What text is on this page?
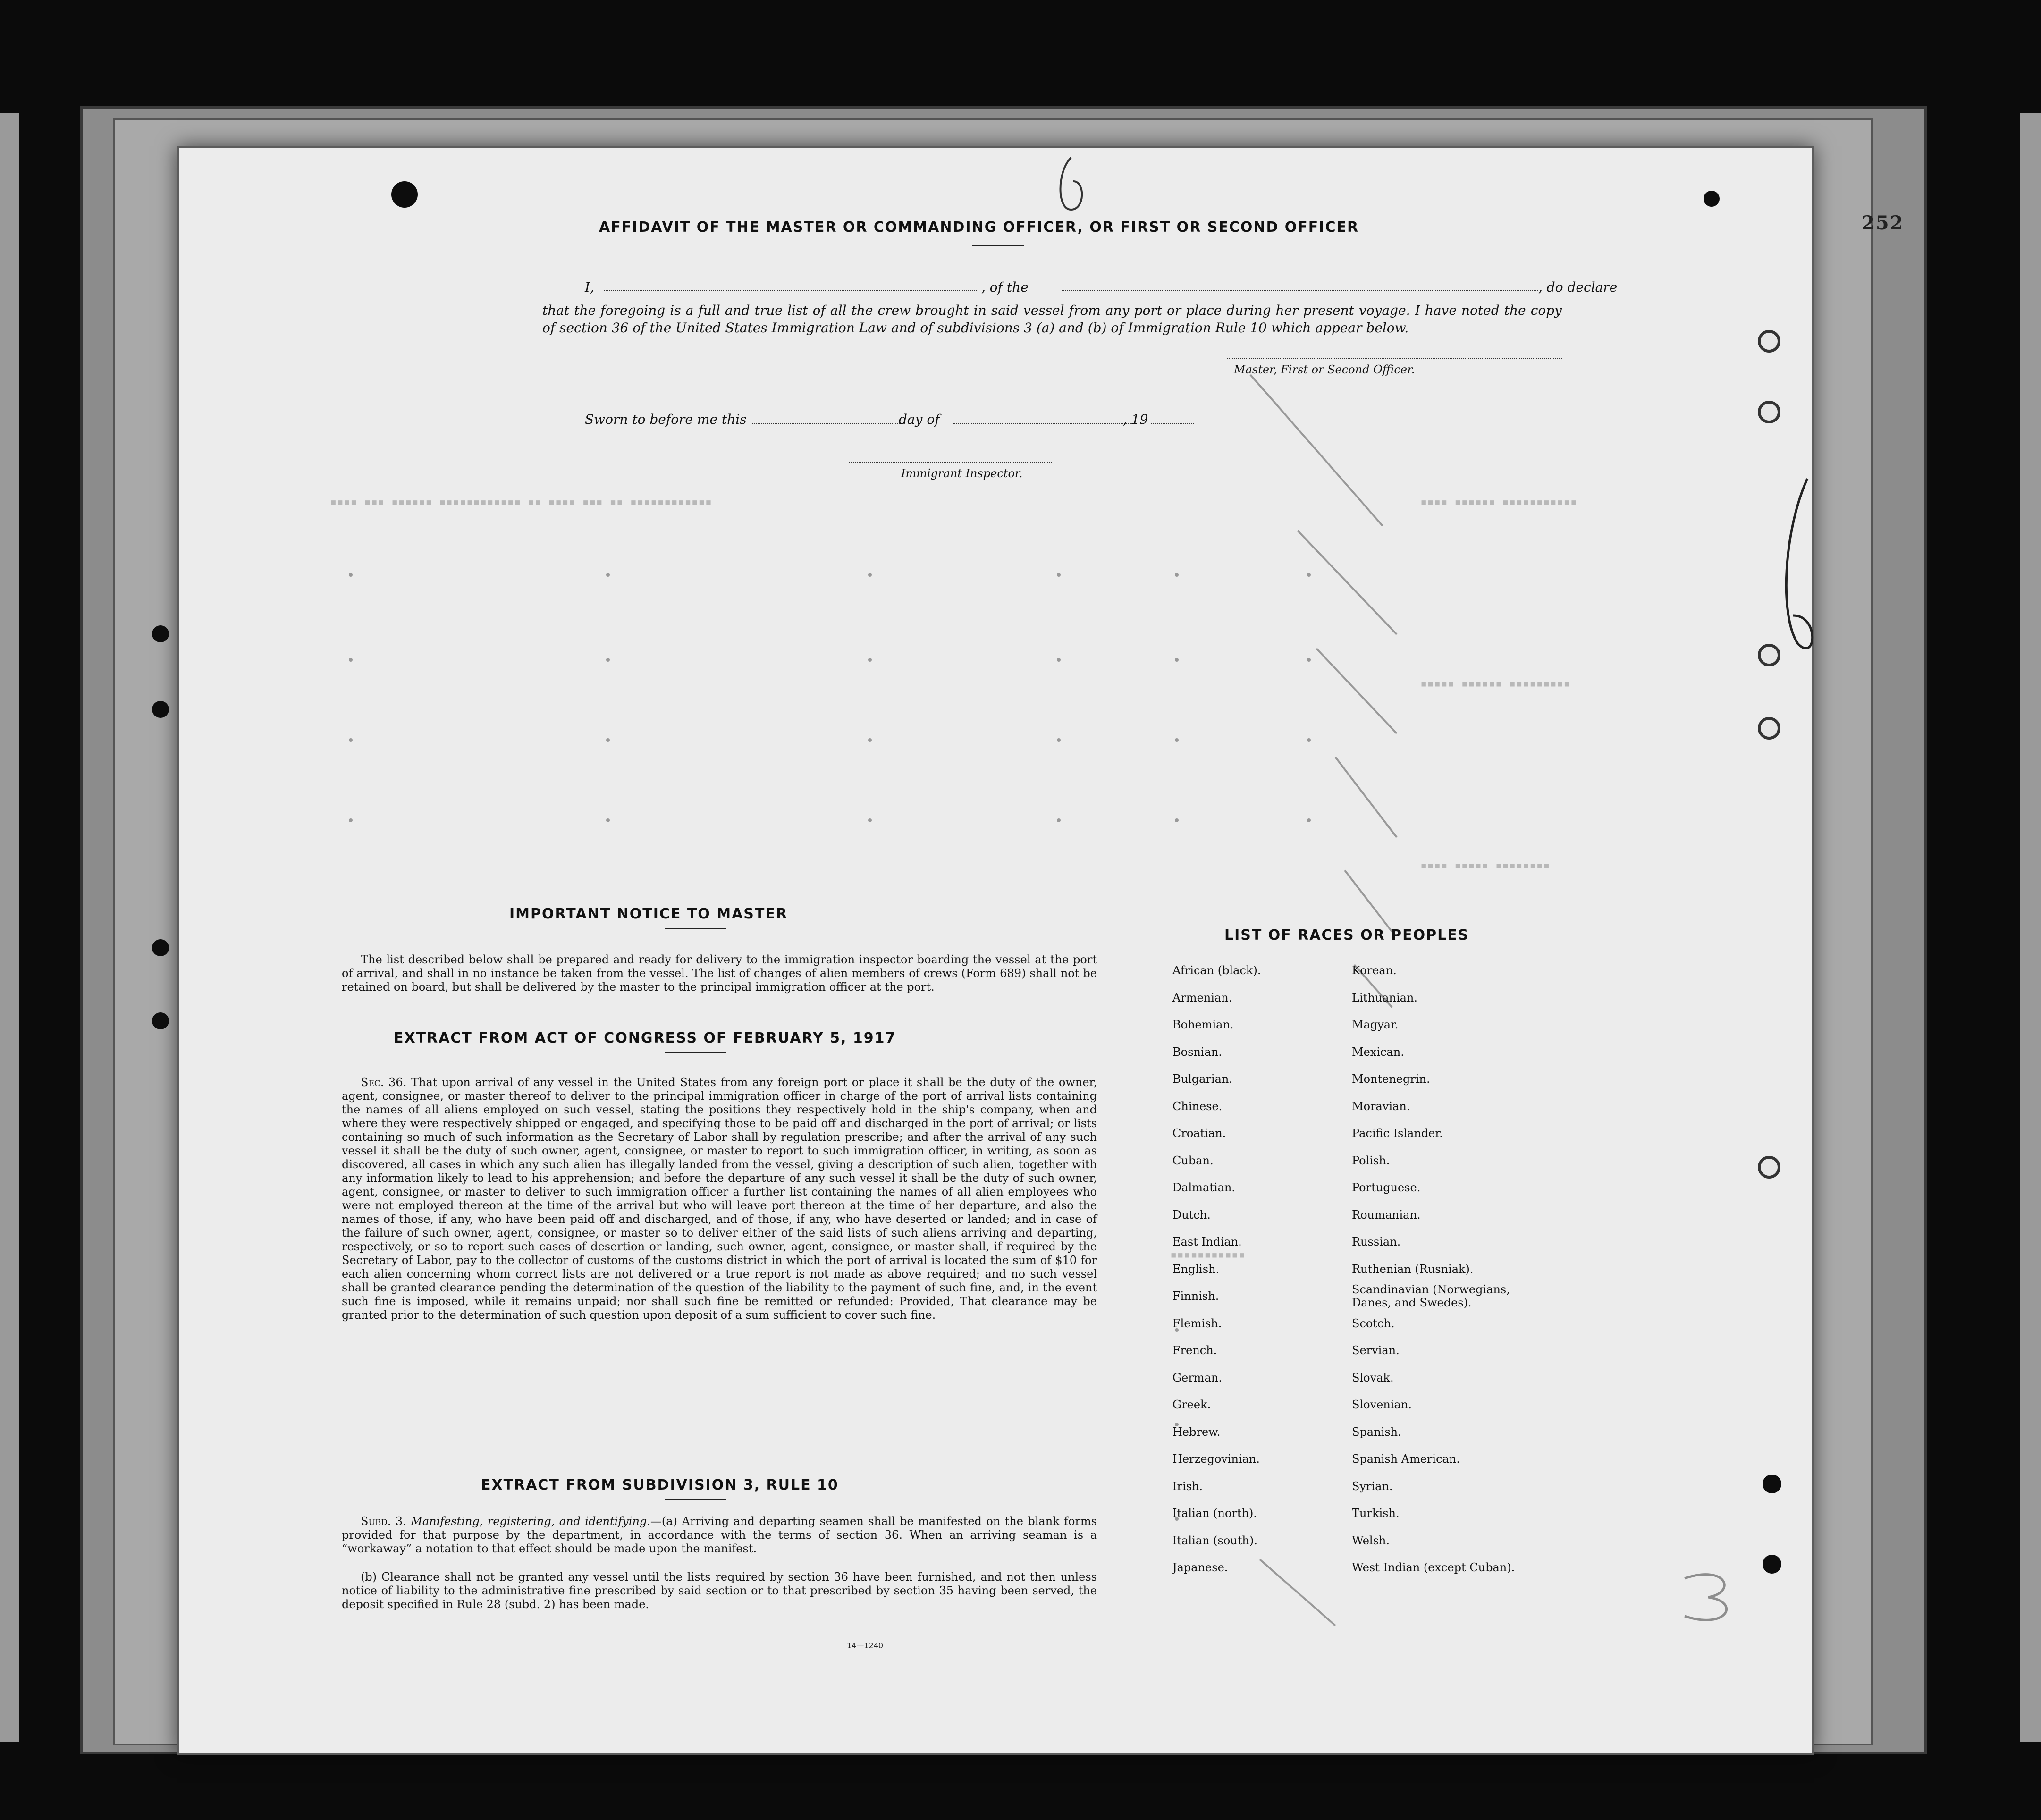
252
▪▪▪▪ ▪▪▪ ▪▪▪▪▪▪ ▪▪▪▪▪▪▪▪▪▪▪▪ ▪▪ ▪▪▪▪ ▪▪▪ ▪▪ ▪▪▪▪▪▪▪▪▪▪▪▪	▪▪▪▪ ▪▪▪▪▪▪ ▪▪▪▪▪▪▪▪▪▪▪
▪▪▪▪▪ ▪▪▪▪▪▪ ▪▪▪▪▪▪▪▪▪
▪▪▪▪ ▪▪▪▪▪ ▪▪▪▪▪▪▪▪
▪▪▪▪▪▪▪▪▪▪▪
AFFIDAVIT OF THE MASTER OR COMMANDING OFFICER, OR FIRST OR SECOND OFFICER
I,	, of the	, do declare
that the foregoing is a full and true list of all the crew brought in said vessel from any port or place during her present voyage. I have noted the copy of section 36 of the United States Immigration Law and of subdivisions 3 (a) and (b) of Immigration Rule 10 which appear below.
Master, First or Second Officer.
Sworn to before me this	day of	, 19
Immigrant Inspector.
IMPORTANT NOTICE TO MASTER
The list described below shall be prepared and ready for delivery to the immigration inspector boarding the vessel at the port of arrival, and shall in no instance be taken from the vessel. The list of changes of alien members of crews (Form 689) shall not be retained on board, but shall be delivered by the master to the principal immigration officer at the port.
EXTRACT FROM ACT OF CONGRESS OF FEBRUARY 5, 1917
Sec. 36. That upon arrival of any vessel in the United States from any foreign port or place it shall be the duty of the owner, agent, consignee, or master thereof to deliver to the principal immigration officer in charge of the port of arrival lists containing the names of all aliens employed on such vessel, stating the positions they respectively hold in the ship's company, when and where they were respectively shipped or engaged, and specifying those to be paid off and discharged in the port of arrival; or lists containing so much of such information as the Secretary of Labor shall by regulation prescribe; and after the arrival of any such vessel it shall be the duty of such owner, agent, consignee, or master to report to such immigration officer, in writing, as soon as discovered, all cases in which any such alien has illegally landed from the vessel, giving a description of such alien, together with any information likely to lead to his apprehension; and before the departure of any such vessel it shall be the duty of such owner, agent, consignee, or master to deliver to such immigration officer a further list containing the names of all alien employees who were not employed thereon at the time of the arrival but who will leave port thereon at the time of her departure, and also the names of those, if any, who have been paid off and discharged, and of those, if any, who have deserted or landed; and in case of the failure of such owner, agent, consignee, or master so to deliver either of the said lists of such aliens arriving and departing, respectively, or so to report such cases of desertion or landing, such owner, agent, consignee, or master shall, if required by the Secretary of Labor, pay to the collector of customs of the customs district in which the port of arrival is located the sum of $10 for each alien concerning whom correct lists are not delivered or a true report is not made as above required; and no such vessel shall be granted clearance pending the determination of the question of the liability to the payment of such fine, and, in the event such fine is imposed, while it remains unpaid; nor shall such fine be remitted or refunded: Provided, That clearance may be granted prior to the determination of such question upon deposit of a sum sufficient to cover such fine.
EXTRACT FROM SUBDIVISION 3, RULE 10
Subd. 3. Manifesting, registering, and identifying.—(a) Arriving and departing seamen shall be manifested on the blank forms provided for that purpose by the department, in accordance with the terms of section 36. When an arriving seaman is a “workaway” a notation to that effect should be made upon the manifest.
(b) Clearance shall not be granted any vessel until the lists required by section 36 have been furnished, and not then unless notice of liability to the administrative fine prescribed by said section or to that prescribed by section 35 having been served, the deposit specified in Rule 28 (subd. 2) has been made.
14—1240
LIST OF RACES OR PEOPLES
African (black).
Armenian.
Bohemian.
Bosnian.
Bulgarian.
Chinese.
Croatian.
Cuban.
Dalmatian.
Dutch.
East Indian.
English.
Finnish.
Flemish.
French.
German.
Greek.
Hebrew.
Herzegovinian.
Irish.
Italian (north).
Italian (south).
Japanese.
Korean.
Lithuanian.
Magyar.
Mexican.
Montenegrin.
Moravian.
Pacific Islander.
Polish.
Portuguese.
Roumanian.
Russian.
Ruthenian (Rusniak).
Scandinavian (Norwegians, Danes, and Swedes).
Scotch.
Servian.
Slovak.
Slovenian.
Spanish.
Spanish American.
Syrian.
Turkish.
Welsh.
West Indian (except Cuban).
